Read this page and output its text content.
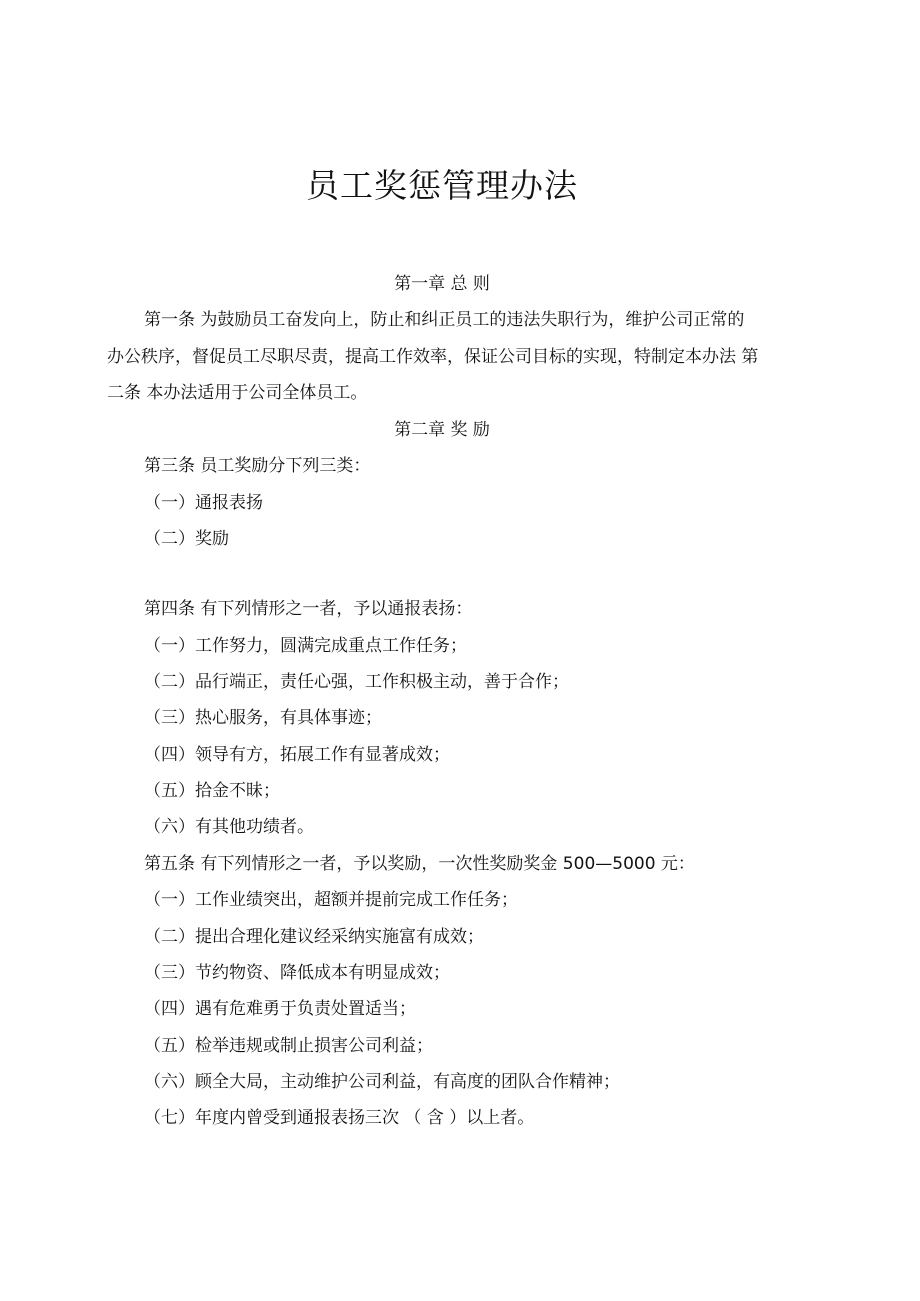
员工奖惩管理办法
第一章 总 则
第一条 为鼓励员工奋发向上，防止和纠正员工的违法失职行为，维护公司正常的
办公秩序，督促员工尽职尽责，提高工作效率，保证公司目标的实现，特制定本办法 第
二条 本办法适用于公司全体员工。
第二章 奖 励
第三条 员工奖励分下列三类：
（一）通报表扬
（二）奖励
第四条 有下列情形之一者，予以通报表扬：
（一）工作努力，圆满完成重点工作任务；
（二）品行端正，责任心强，工作积极主动，善于合作；
（三）热心服务，有具体事迹；
（四）领导有方，拓展工作有显著成效；
（五）拾金不昧；
（六）有其他功绩者。
第五条 有下列情形之一者，予以奖励，一次性奖励奖金 500—5000 元：
（一）工作业绩突出，超额并提前完成工作任务；
（二）提出合理化建议经采纳实施富有成效；
（三）节约物资、降低成本有明显成效；
（四）遇有危难勇于负责处置适当；
（五）检举违规或制止损害公司利益；
（六）顾全大局，主动维护公司利益，有高度的团队合作精神；
（七）年度内曾受到通报表扬三次 （ 含 ）以上者。
